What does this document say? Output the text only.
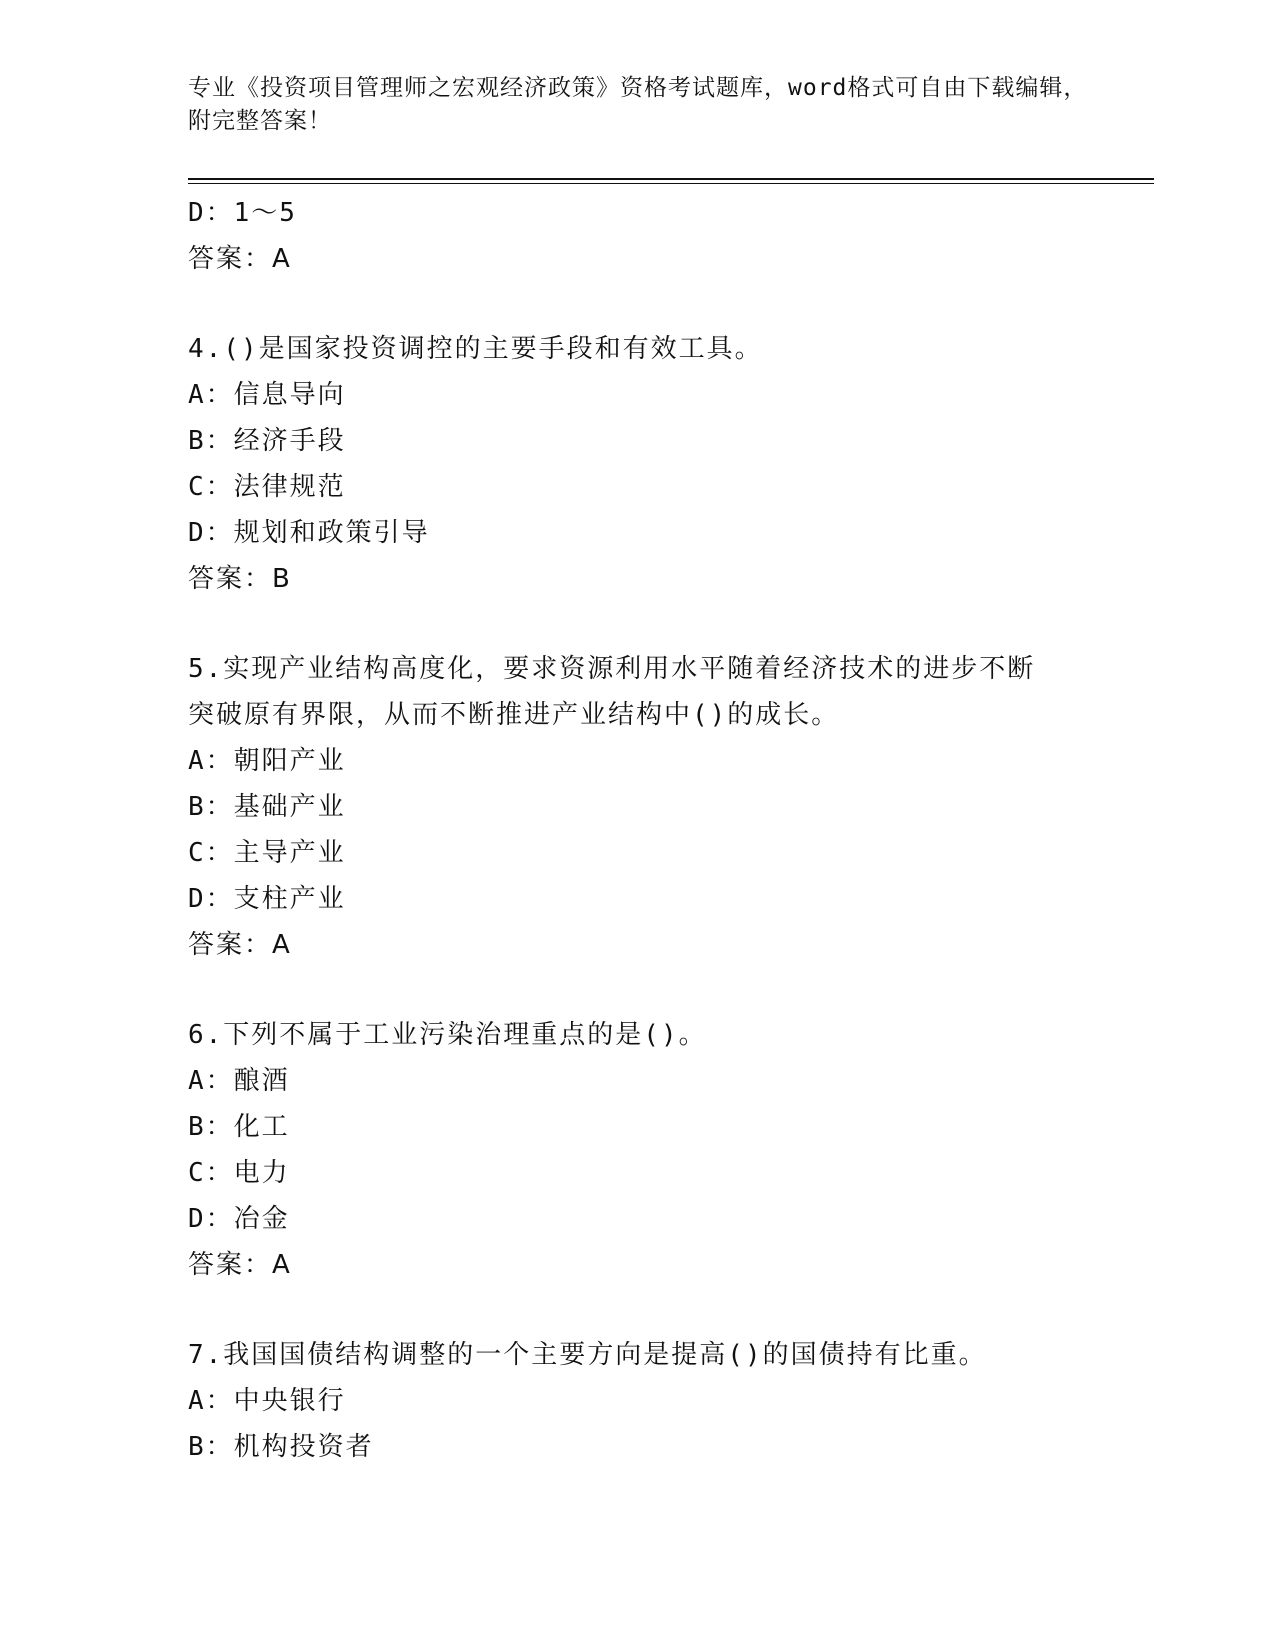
专业《投资项目管理师之宏观经济政策》资格考试题库，word格式可自由下载编辑，附完整答案！
D：1～5
答案：A
4.()是国家投资调控的主要手段和有效工具。
A：信息导向
B：经济手段
C：法律规范
D：规划和政策引导
答案：B
5.实现产业结构高度化，要求资源利用水平随着经济技术的进步不断突破原有界限，从而不断推进产业结构中()的成长。
A：朝阳产业
B：基础产业
C：主导产业
D：支柱产业
答案：A
6.下列不属于工业污染治理重点的是()。
A：酿酒
B：化工
C：电力
D：冶金
答案：A
7.我国国债结构调整的一个主要方向是提高()的国债持有比重。
A：中央银行
B：机构投资者
